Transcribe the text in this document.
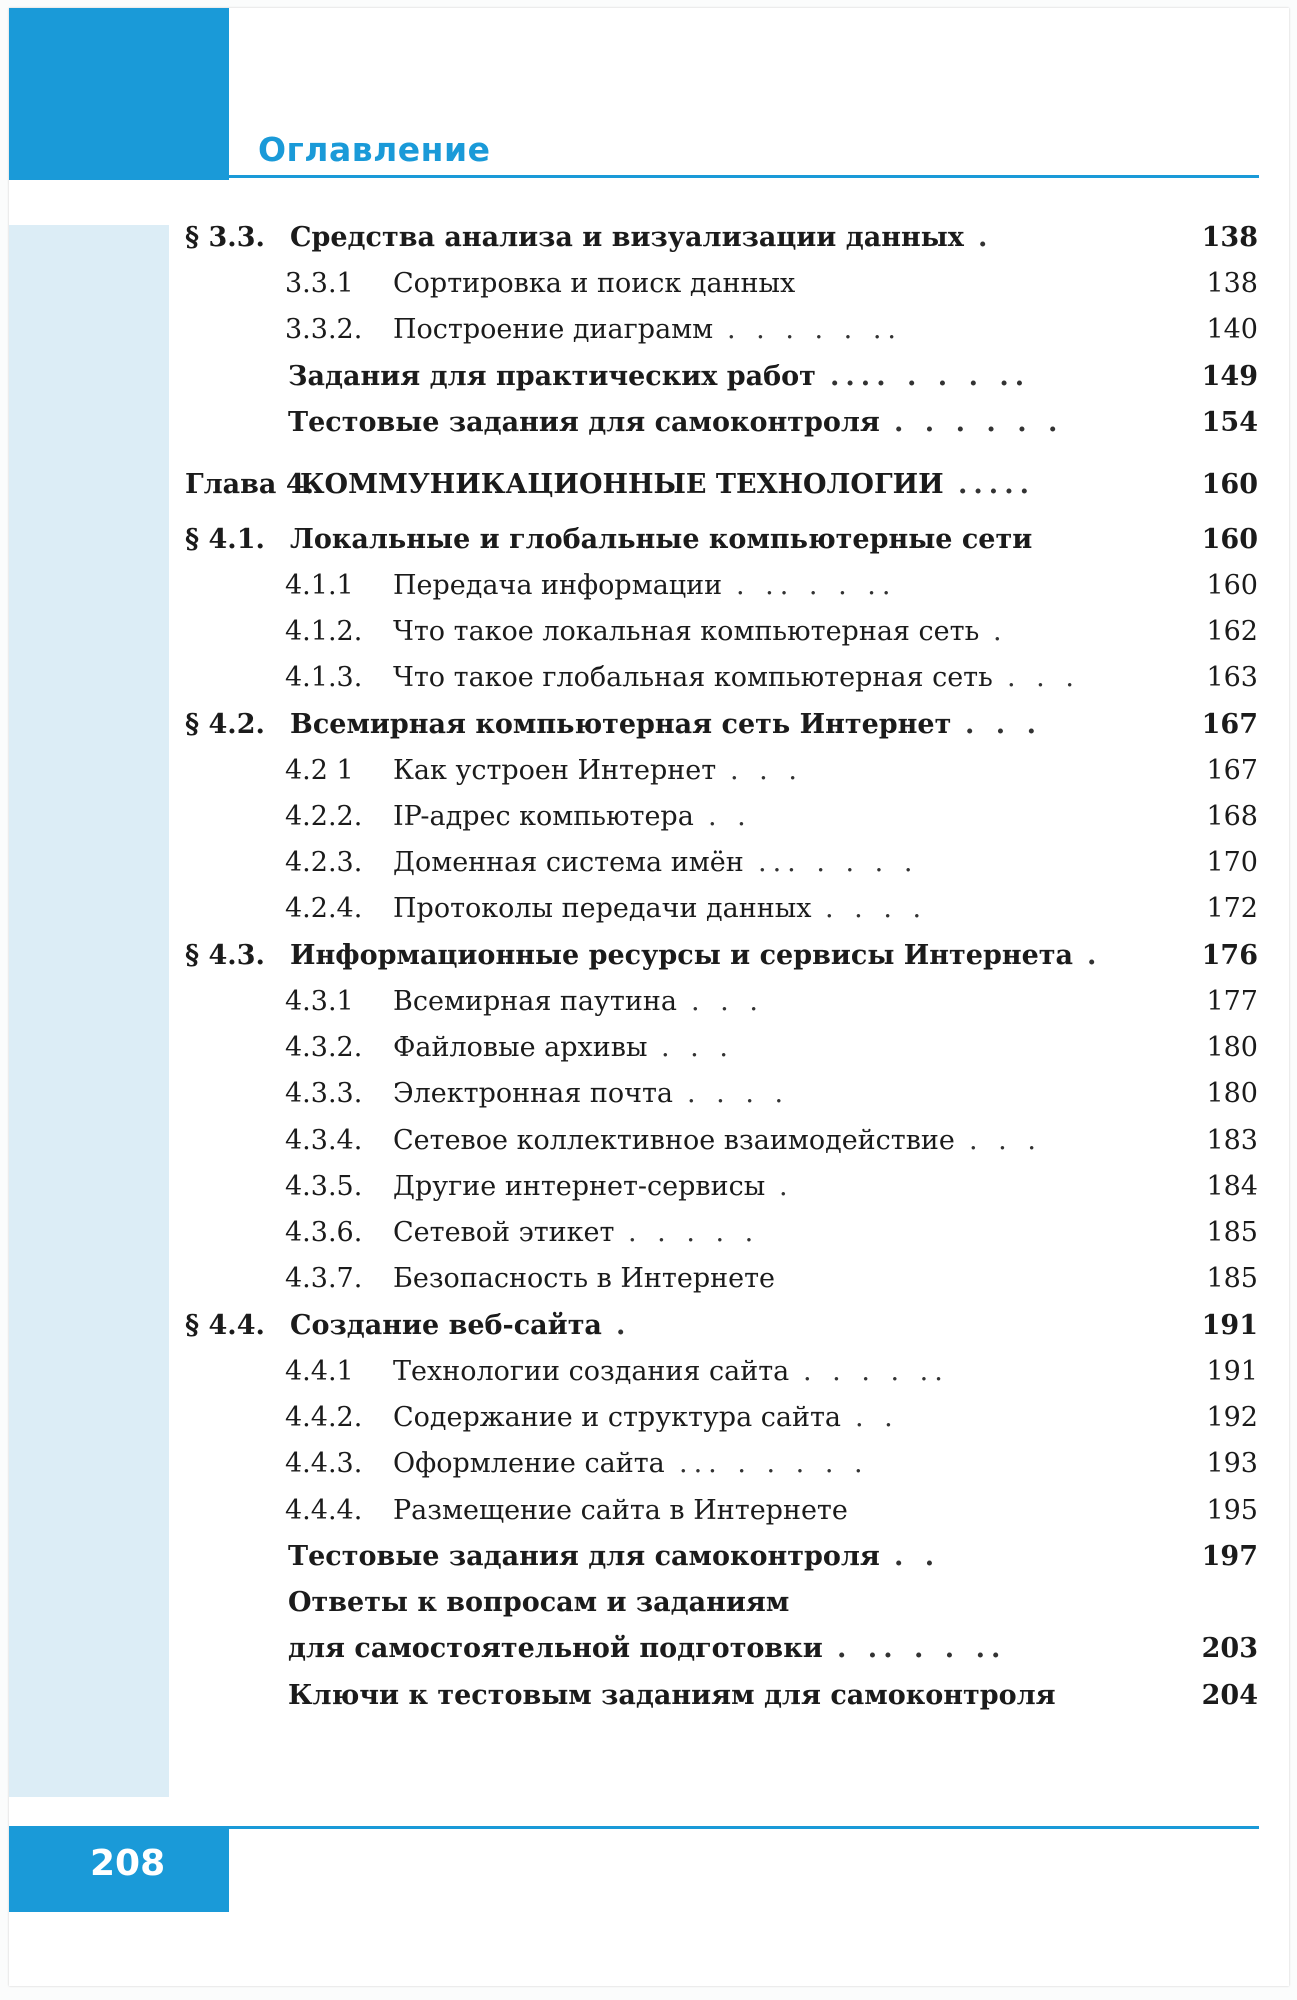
Оглавление
§ 3.3. Средства анализа и визуализации данных .	138
3.3.1 Сортировка и поиск данных	138
3.3.2. Построение диаграмм . . . . . ..	140
Задания для практических работ .... . . . ..	149
Тестовые задания для самоконтроля . . . . . .	154
Глава 4.
КОММУНИКАЦИОННЫЕ ТЕХНОЛОГИИ .....	160
§ 4.1. Локальные и глобальные компьютерные сети	160
4.1.1 Передача информации . .. . . ..	160
4.1.2. Что такое локальная компьютерная сеть .	162
4.1.3. Что такое глобальная компьютерная сеть . . .	163
§ 4.2. Всемирная компьютерная сеть Интернет . . .	167
4.2 1 Как устроен Интернет . . .	167
4.2.2. IP-адрес компьютера . .	168
4.2.3. Доменная система имён ... . . . .	170
4.2.4. Протоколы передачи данных . . . .	172
§ 4.3. Информационные ресурсы и сервисы Интернета .	176
4.3.1 Всемирная паутина . . .	177
4.3.2. Файловые архивы . . .	180
4.3.3. Электронная почта . . . .	180
4.3.4. Сетевое коллективное взаимодействие . . .	183
4.3.5. Другие интернет-сервисы .	184
4.3.6. Сетевой этикет . . . . .	185
4.3.7. Безопасность в Интернете	185
§ 4.4. Создание веб-сайта .	191
4.4.1 Технологии создания сайта . . . . ..	191
4.4.2. Содержание и структура сайта . .	192
4.4.3. Оформление сайта ... . . . . .	193
4.4.4. Размещение сайта в Интернете	195
Тестовые задания для самоконтроля . .	197
Ответы к вопросам и заданиям
для самостоятельной подготовки . .. . . ..	203
Ключи к тестовым заданиям для самоконтроля	204
208
